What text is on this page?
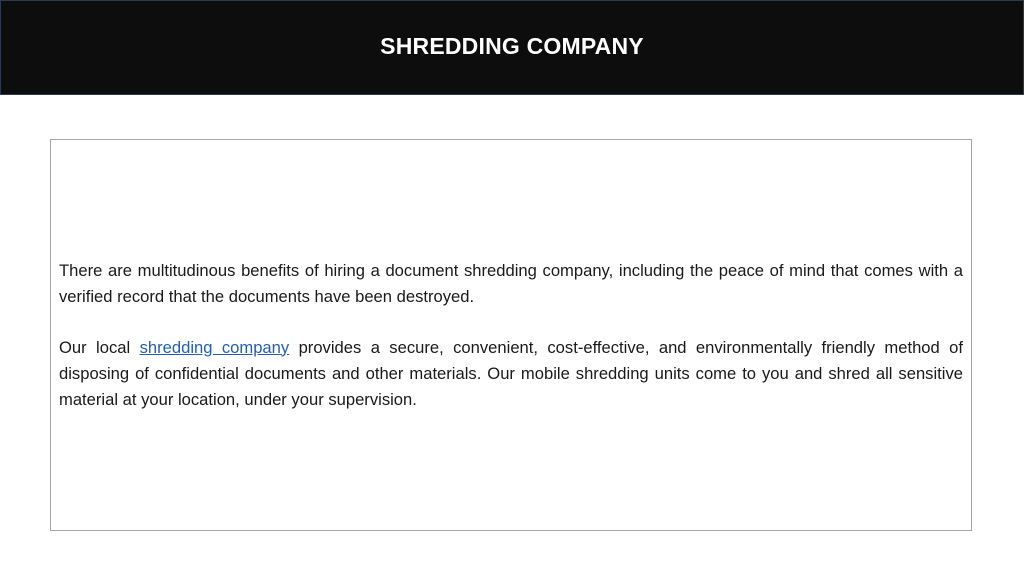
SHREDDING COMPANY

There are multitudinous benefits of hiring a document shredding company, including the peace of mind that comes with a verified record that the documents have been destroyed.

Our local shredding company provides a secure, convenient, cost-effective, and environmentally friendly method of disposing of confidential documents and other materials. Our mobile shredding units come to you and shred all sensitive material at your location, under your supervision.
